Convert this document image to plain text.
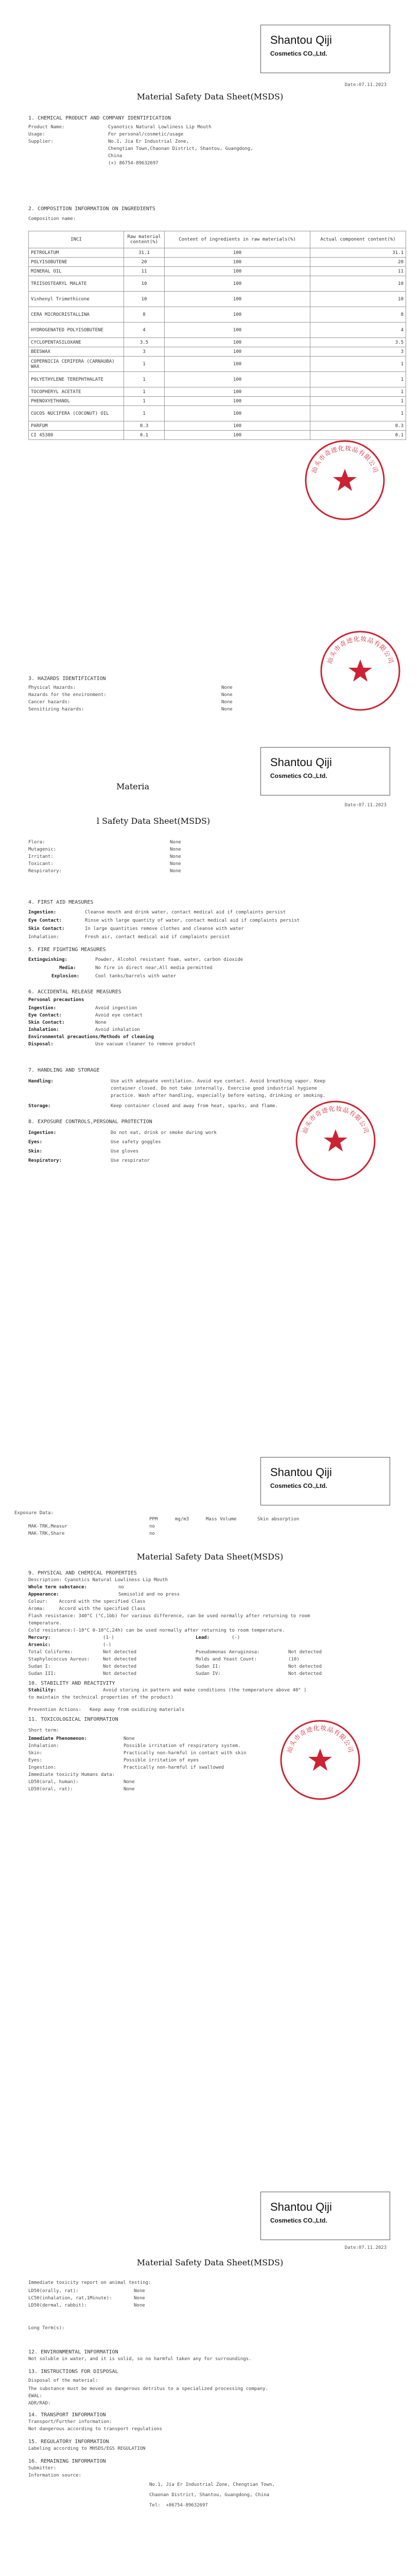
Shantou Qiji
Cosmetics CO.,Ltd.
Date:07.11.2023
Material Safety Data Sheet(MSDS)
1. CHEMICAL PRODUCT AND COMPANY IDENTIFICATION
Product Name:	Cyanotics Natural Lowliness Lip Mouth
Usage:	For personal/cosmetic/usage
Supplier:	No.1, Jia Er Industrial Zone,
Chengtian Town,Chaonan District, Shantou, Guangdong,
China
(+) 86754-89632697
2. COMPOSITION INFORMATION ON INGREDIENTS
Composition name:
INCI	Raw material content(%)	Content of ingredients in raw materials(%)	Actual component content(%)
PETROLATUM	31.1	100	31.1
POLYISOBUTENE	20	100	20
MINERAL OIL	11	100	11
TRIISOSTEARYL MALATE	10	100	10
Vinhenyl Trimethicone	10	100	10
CERA MICROCRISTALLINA	8	100	8
HYDROGENATED POLYISOBUTENE	4	100	4
CYCLOPENTASILOXANE	3.5	100	3.5
BEESWAX	3	100	3
COPERNICIA CERIFERA (CARNAUBA) WAX	1	100	1
POLYETHYLENE TEREPHTHALATE	1	100	1
TOCOPHERYL ACETATE	1	100	1
PHENOXYETHANOL	1	100	1
CUCOS NUCIFERA (COCONUT) OIL	1	100	1
PARFUM	0.3	100	0.3
CI 45380	0.1	100	0.1
汕头市奇迹化妆品有限公司
3. HAZARDS IDENTIFICATION
Physical Hazards:	None
Hazards for the environment:	None
Cancer hazards:	None
Sensitizing hazards:	None
汕头市奇迹化妆品有限公司
Shantou Qiji
Cosmetics CO.,Ltd.
Materia
Date:07.11.2023
l Safety Data Sheet(MSDS)
Flora:	None
Mutagenic:	None
Irritant:	None
Toxicant:	None
Respiratory:	None
4. FIRST AID MEASURES
Ingestion:	Cleanse mouth and drink water, contact medical aid if complaints persist
Eye Contact:	Rinse with large quantity of water, contact medical aid if complaints persist
Skin Contact:	In large quantities remove clothes and cleanse with water
Inhalation:	Fresh air, contact medical aid if complaints persist
5. FIRE FIGHTING MEASURES
Extinguishing:	Powder, Alcohol resistant foam, water, carbon dioxide
Media:	No fire in direct near,All media permitted
Explosion:	Cool tanks/barrels with water
6. ACCIDENTAL RELEASE MEASURES
Personal precautions
Ingestion:	Avoid ingestion
Eye Contact:	Avoid eye contact
Skin Contact:	None
Inhalation:	Avoid inhalation
Environmental precautions/Methods of cleaning
Disposal:	Use vacuum cleaner to remove product
7. HANDLING AND STORAGE
Handling:	Use with adequate ventilation. Avoid eye contact. Avoid breathing vapor. Keep
container closed. Do not take internally. Exercise good industrial hygiene
practice. Wash after handling, especially before eating, drinking or smoking.
Storage:	Keep container closed and away from heat, sparks, and flame.
8. EXPOSURE CONTROLS,PERSONAL PROTECTION
Ingestion:	Do not eat, drink or smoke during work
Eyes:	Use safety goggles
Skin:	Use gloves
Respiratory:	Use respirator
汕头市奇迹化妆品有限公司
Shantou Qiji
Cosmetics CO.,Ltd.
Exposure Data:
PPM	mg/m3	Mass Volume	Skin absorption
MAK-TRK,Measur	no
MAK-TRK,Share	no
Material Safety Data Sheet(MSDS)
9. PHYSICAL AND CHEMICAL PROPERTIES
Description: Cyanotics Natural Lowliness Lip Mouth
Whole term substance:	no
Appearance:	Semisolid and no press
Colour:    Accord with the specified Class
Aroma:     Accord with the specified Class
Flash resistance: 340°C (°C,1bb) for various difference, can be used normally after returning to room
temperature.
Cold resistance:(-10°C 0-10°C,24h) can be used normally after returning to room temperature.
Mercury:	(1-)	Lead:	(-)
Arsenic:	(-)
Total Coliforms:	Not detected	Pseudomonas Aeruginosa:	Not detected
Staphylococcus Aureus:	Not detected	Molds and Yeast Count:	(10)
Sudan I:	Not detected	Sudan II:	Not detected
Sudan III:	Not detected	Sudan IV:	Not detected
10. STABILITY AND REACTIVITY
Stability:	Avoid storing in pattern and make conditions (the temperature above 40° )
to maintain the technical properties of the product)
Prevention Actions:   Keep away from oxidizing materials
11. TOXICOLOGICAL INFORMATION
Short term:
Immediate Phenomenon:	None
Inhalation:	Possible irritation of respiratory system.
Skin:	Practically non-harmful in contact with skin
Eyes:	Possible irritation of eyes
Ingestion:	Practically non-harmful if swallowed
Immediate toxicity Humans data:
LD50(oral, human):	None
LD50(oral, rat):	None
汕头市奇迹化妆品有限公司
Shantou Qiji
Cosmetics CO.,Ltd.
Date:07.11.2023
Material Safety Data Sheet(MSDS)
Immediate toxicity report on animal testing:
LD50(orally, rat):	None
LC50(inhalation, rat,1Minute):	None
LD50(dermal, rabbit):	None
Long Term(s):
12. ENVIRONMENTAL INFORMATION
Not soluble in water, and it is solid, so no harmful taken any for surroundings.
13. INSTRUCTIONS FOR DISPOSAL
Disposal of the material:
The substance must be moved as dangerous detritus to a specialized processing company.
EWAL:
ADR/RAD:
14. TRANSPORT INFORMATION
Transport/Further information:
Not dangerous according to transport regulations
15. REGULATORY INFORMATION
Labeling according to MHSDS/EGS REGULATION
16. REMAINING INFORMATION
Submitter:
Information source:
No.1, Jia Er Industrial Zone, Chengtian Town,
Chaonan District, Shantou, Guangdong, China
Tel:  +86754-89632697
